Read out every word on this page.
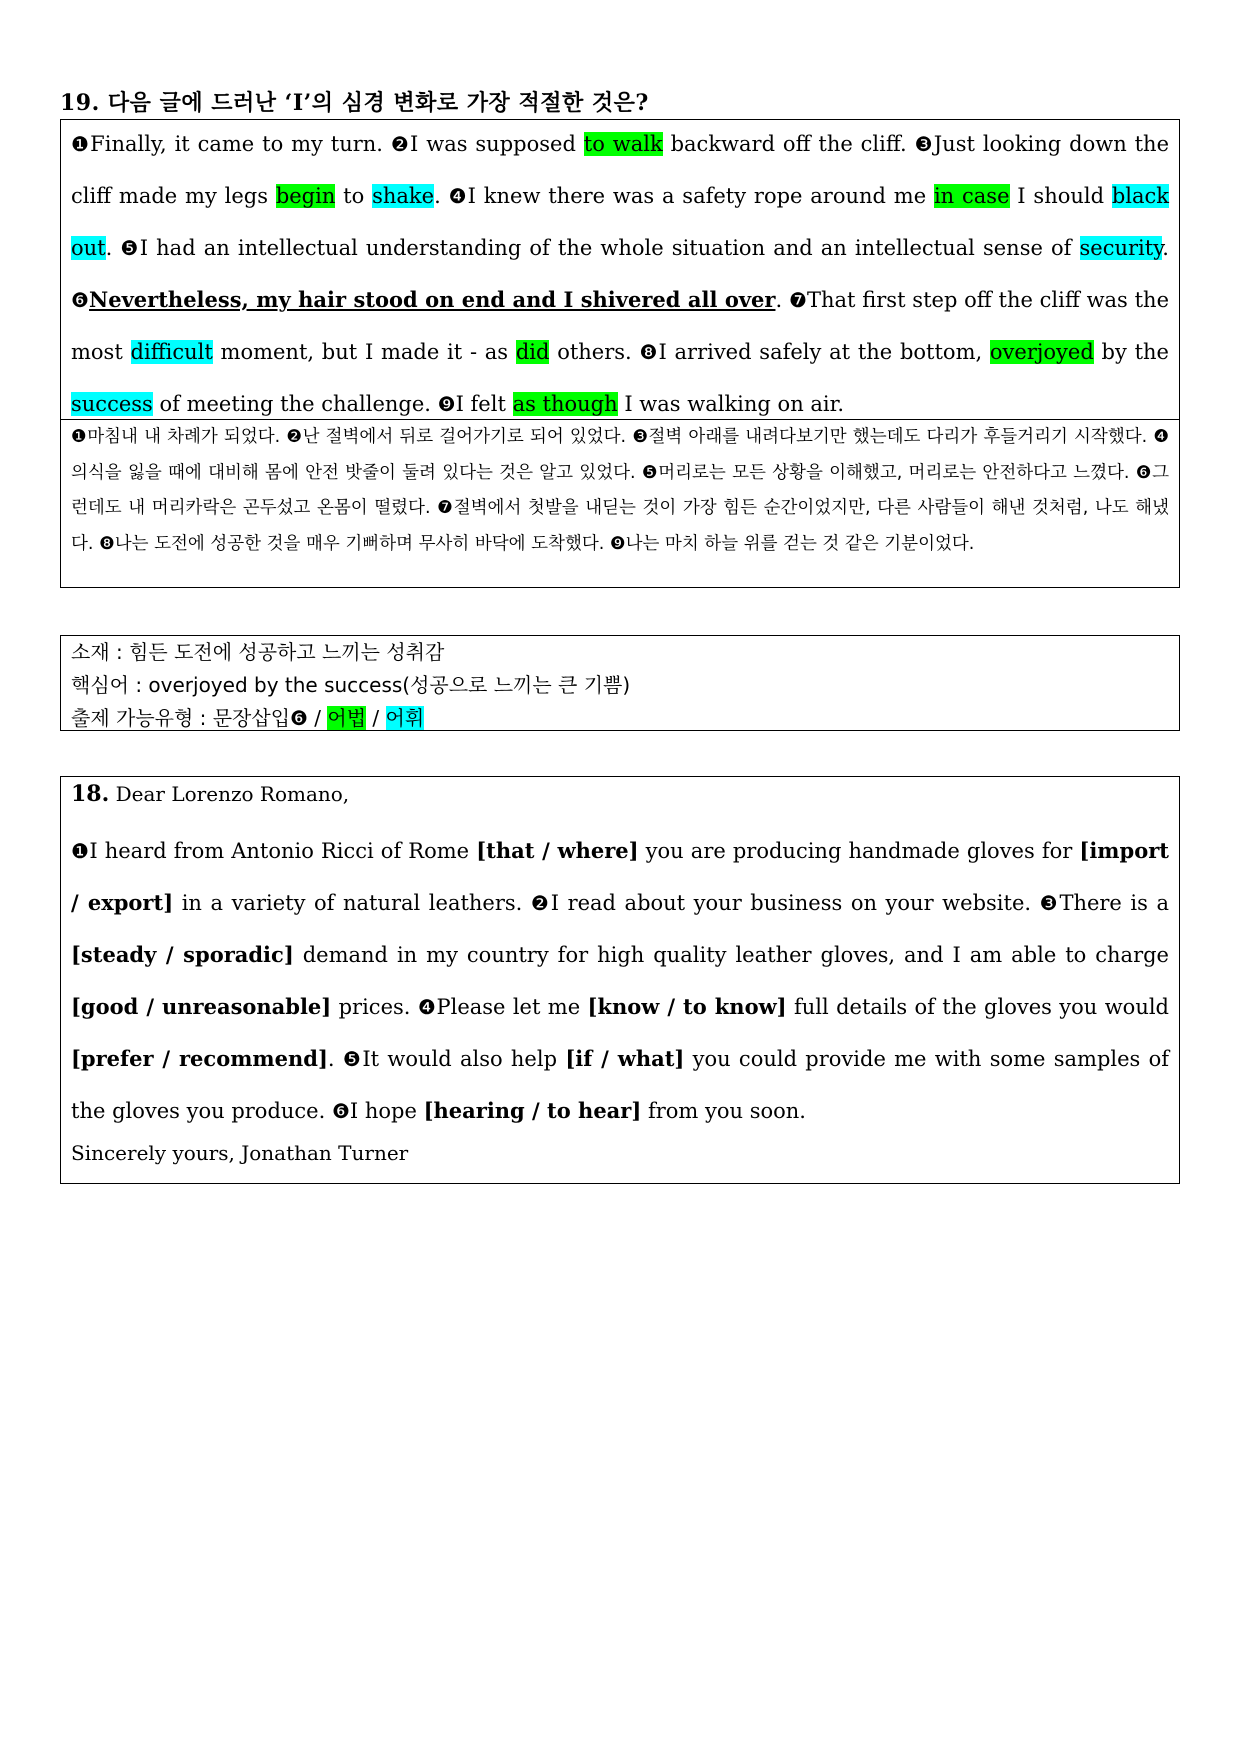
19. 다음 글에 드러난 ‘I’의 심경 변화로 가장 적절한 것은?

❶Finally, it came to my turn. ❷I was supposed to walk backward off the cliff. ❸Just looking down the cliff made my legs begin to shake. ❹I knew there was a safety rope around me in case I should black out. ❺I had an intellectual understanding of the whole situation and an intellectual sense of security. ❻Nevertheless, my hair stood on end and I shivered all over. ❼That first step off the cliff was the most difficult moment, but I made it - as did others. ❽I arrived safely at the bottom, overjoyed by the success of meeting the challenge. ❾I felt as though I was walking on air.

❶마침내 내 차례가 되었다. ❷난 절벽에서 뒤로 걸어가기로 되어 있었다. ❸절벽 아래를 내려다보기만 했는데도 다리가 후들거리기 시작했다. ❹의식을 잃을 때에 대비해 몸에 안전 밧줄이 둘려 있다는 것은 알고 있었다. ❺머리로는 모든 상황을 이해했고, 머리로는 안전하다고 느꼈다. ❻그런데도 내 머리카락은 곤두섰고 온몸이 떨렸다. ❼절벽에서 첫발을 내딛는 것이 가장 힘든 순간이었지만, 다른 사람들이 해낸 것처럼, 나도 해냈다. ❽나는 도전에 성공한 것을 매우 기뻐하며 무사히 바닥에 도착했다. ❾나는 마치 하늘 위를 걷는 것 같은 기분이었다.

소재 : 힘든 도전에 성공하고 느끼는 성취감
핵심어 : overjoyed by the success(성공으로 느끼는 큰 기쁨)
출제 가능유형 : 문장삽입❻ / 어법 / 어휘
18. Dear Lorenzo Romano,

❶I heard from Antonio Ricci of Rome [that / where] you are producing handmade gloves for [import / export] in a variety of natural leathers. ❷I read about your business on your website. ❸There is a [steady / sporadic] demand in my country for high quality leather gloves, and I am able to charge [good / unreasonable] prices. ❹Please let me [know / to know] full details of the gloves you would [prefer / recommend]. ❺It would also help [if / what] you could provide me with some samples of the gloves you produce. ❻I hope [hearing / to hear] from you soon.

Sincerely yours, Jonathan Turner
